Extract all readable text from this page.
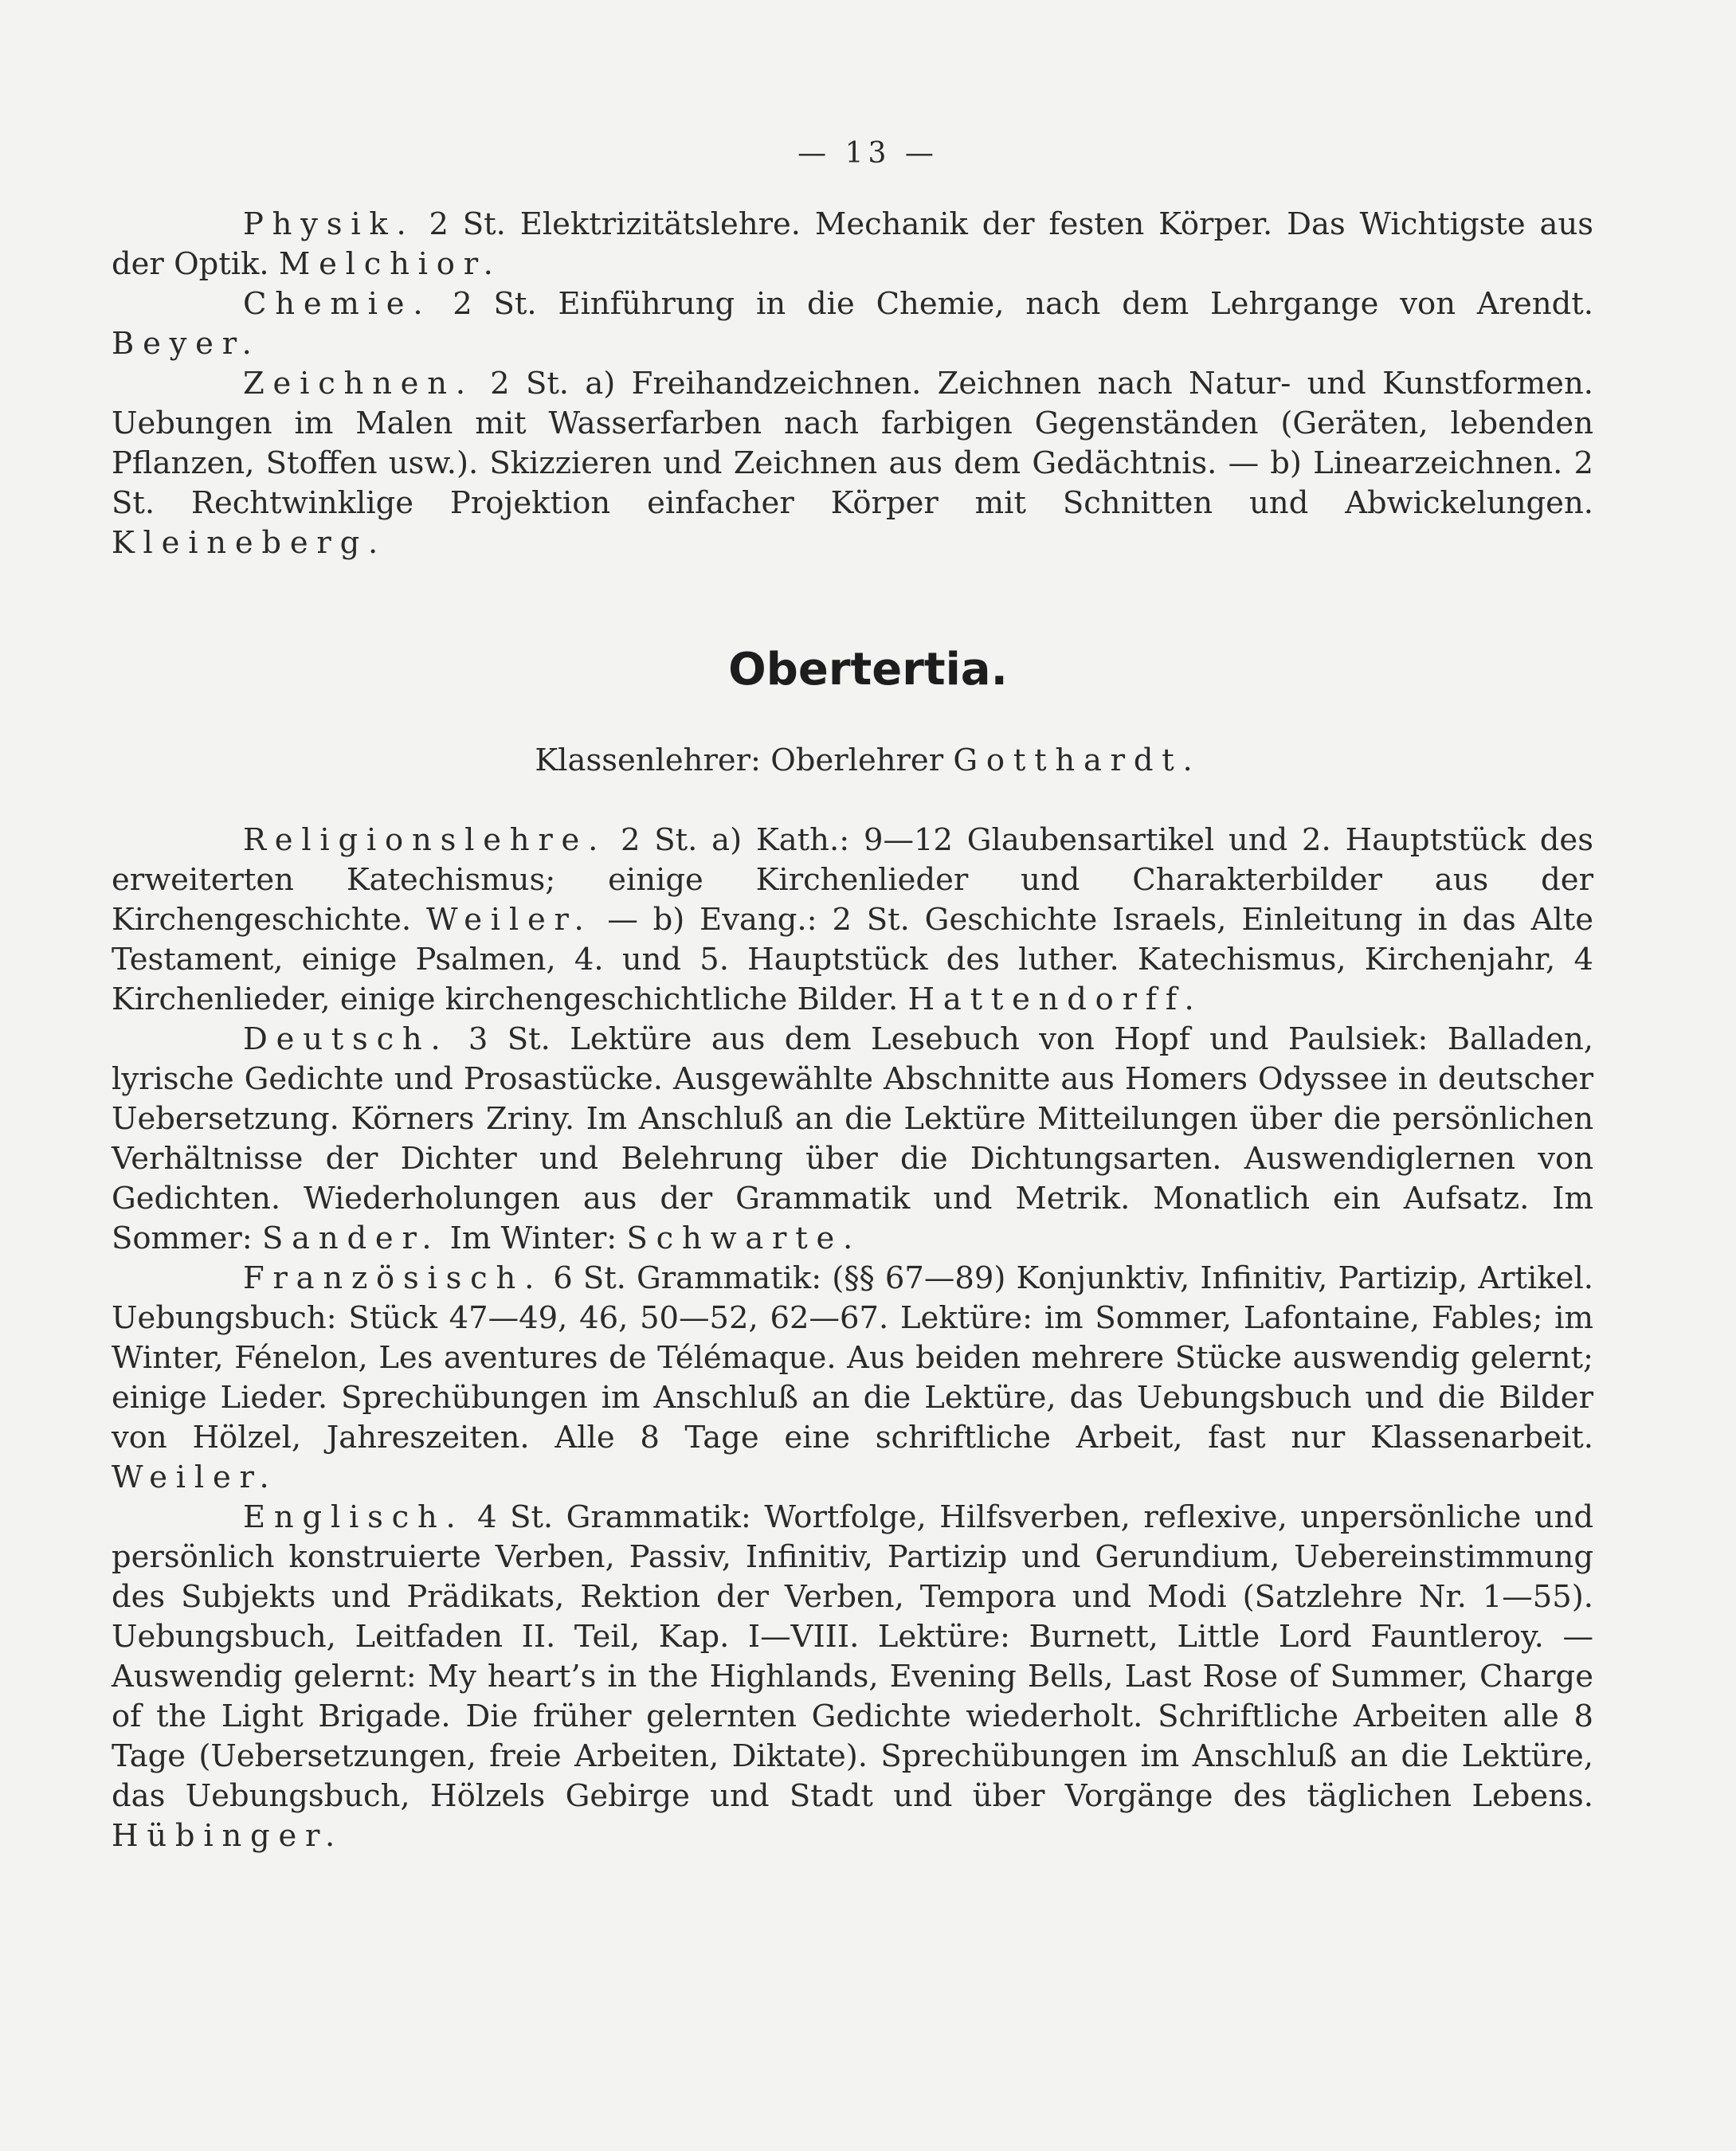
— 13 —

Physik. 2 St. Elektrizitätslehre. Mechanik der festen Körper. Das Wichtigste aus der Optik. Melchior.

Chemie. 2 St. Einführung in die Chemie, nach dem Lehrgange von Arendt. Beyer.

Zeichnen. 2 St. a) Freihandzeichnen. Zeichnen nach Natur- und Kunstformen. Uebungen im Malen mit Wasserfarben nach farbigen Gegenständen (Geräten, lebenden Pflanzen, Stoffen usw.). Skizzieren und Zeichnen aus dem Gedächtnis. — b) Linearzeichnen. 2 St. Rechtwinklige Projektion einfacher Körper mit Schnitten und Abwickelungen. Kleineberg.

Obertertia.
Klassenlehrer: Oberlehrer Gotthardt.

Religionslehre. 2 St. a) Kath.: 9—12 Glaubensartikel und 2. Hauptstück des erweiterten Katechismus; einige Kirchenlieder und Charakterbilder aus der Kirchengeschichte. Weiler. — b) Evang.: 2 St. Geschichte Israels, Einleitung in das Alte Testament, einige Psalmen, 4. und 5. Hauptstück des luther. Katechismus, Kirchenjahr, 4 Kirchenlieder, einige kirchengeschichtliche Bilder. Hattendorff.

Deutsch. 3 St. Lektüre aus dem Lesebuch von Hopf und Paulsiek: Balladen, lyrische Gedichte und Prosastücke. Ausgewählte Abschnitte aus Homers Odyssee in deutscher Uebersetzung. Körners Zriny. Im Anschluß an die Lektüre Mitteilungen über die persönlichen Verhältnisse der Dichter und Belehrung über die Dichtungsarten. Auswendiglernen von Gedichten. Wiederholungen aus der Grammatik und Metrik. Monatlich ein Aufsatz. Im Sommer: Sander. Im Winter: Schwarte.

Französisch. 6 St. Grammatik: (§§ 67—89) Konjunktiv, Infinitiv, Partizip, Artikel. Uebungsbuch: Stück 47—49, 46, 50—52, 62—67. Lektüre: im Sommer, Lafontaine, Fables; im Winter, Fénelon, Les aventures de Télémaque. Aus beiden mehrere Stücke auswendig gelernt; einige Lieder. Sprechübungen im Anschluß an die Lektüre, das Uebungsbuch und die Bilder von Hölzel, Jahreszeiten. Alle 8 Tage eine schriftliche Arbeit, fast nur Klassenarbeit. Weiler.

Englisch. 4 St. Grammatik: Wortfolge, Hilfsverben, reflexive, unpersönliche und persönlich konstruierte Verben, Passiv, Infinitiv, Partizip und Gerundium, Uebereinstimmung des Subjekts und Prädikats, Rektion der Verben, Tempora und Modi (Satzlehre Nr. 1—55). Uebungsbuch, Leitfaden II. Teil, Kap. I—VIII. Lektüre: Burnett, Little Lord Fauntleroy. — Auswendig gelernt: My heart’s in the Highlands, Evening Bells, Last Rose of Summer, Charge of the Light Brigade. Die früher gelernten Gedichte wiederholt. Schriftliche Arbeiten alle 8 Tage (Uebersetzungen, freie Arbeiten, Diktate). Sprechübungen im Anschluß an die Lektüre, das Uebungsbuch, Hölzels Gebirge und Stadt und über Vorgänge des täglichen Lebens. Hübinger.
